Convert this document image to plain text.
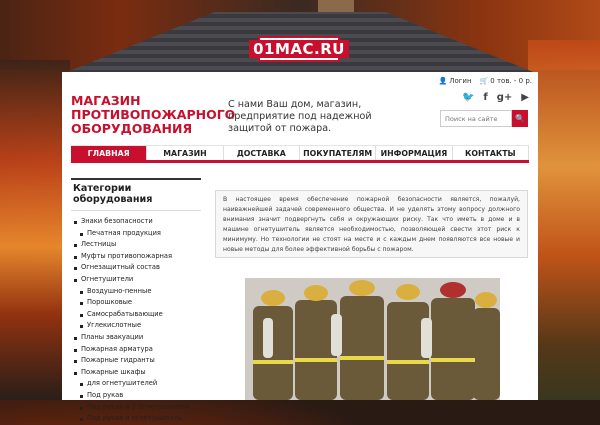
01МАС.RU
МАГАЗИН ПРОТИВОПОЖАРНОГО ОБОРУДОВАНИЯ
С нами Ваш дом, магазин, предприятие под надежной защитой от пожара.
👤 Логин 🛒 0 тов. - 0 р.
🐦 f g+ ▶
Поиск на сайте
🔍
ГЛАВНАЯ	МАГАЗИН	ДОСТАВКА	ПОКУПАТЕЛЯМ	ИНФОРМАЦИЯ	КОНТАКТЫ
Категории оборудования
Знаки безопасности
Печатная продукция
Лестницы
Муфты противопожарная
Огнезащитный состав
Огнетушители
Воздушно-пенные
Порошковые
Самосрабатывающие
Углекислотные
Планы эвакуации
Пожарная арматура
Пожарные гидранты
Пожарные шкафы
для огнетушителей
Под рукав
Под рукав и 2 огнетушителя
Под рукав и огнетушитель
В настоящее время обеспечение пожарной безопасности является, пожалуй, наиважнейшей задачей современного общества. И не уделять этому вопросу должного внимания значит подвергнуть себя и окружающих риску. Так что иметь в доме и в машине огнетушитель является необходимостью, позволяющей свести этот риск к минимуму. Но технологии не стоят на месте и с каждым днем появляются все новые и новые методы для более эффективной борьбы с пожаром.
